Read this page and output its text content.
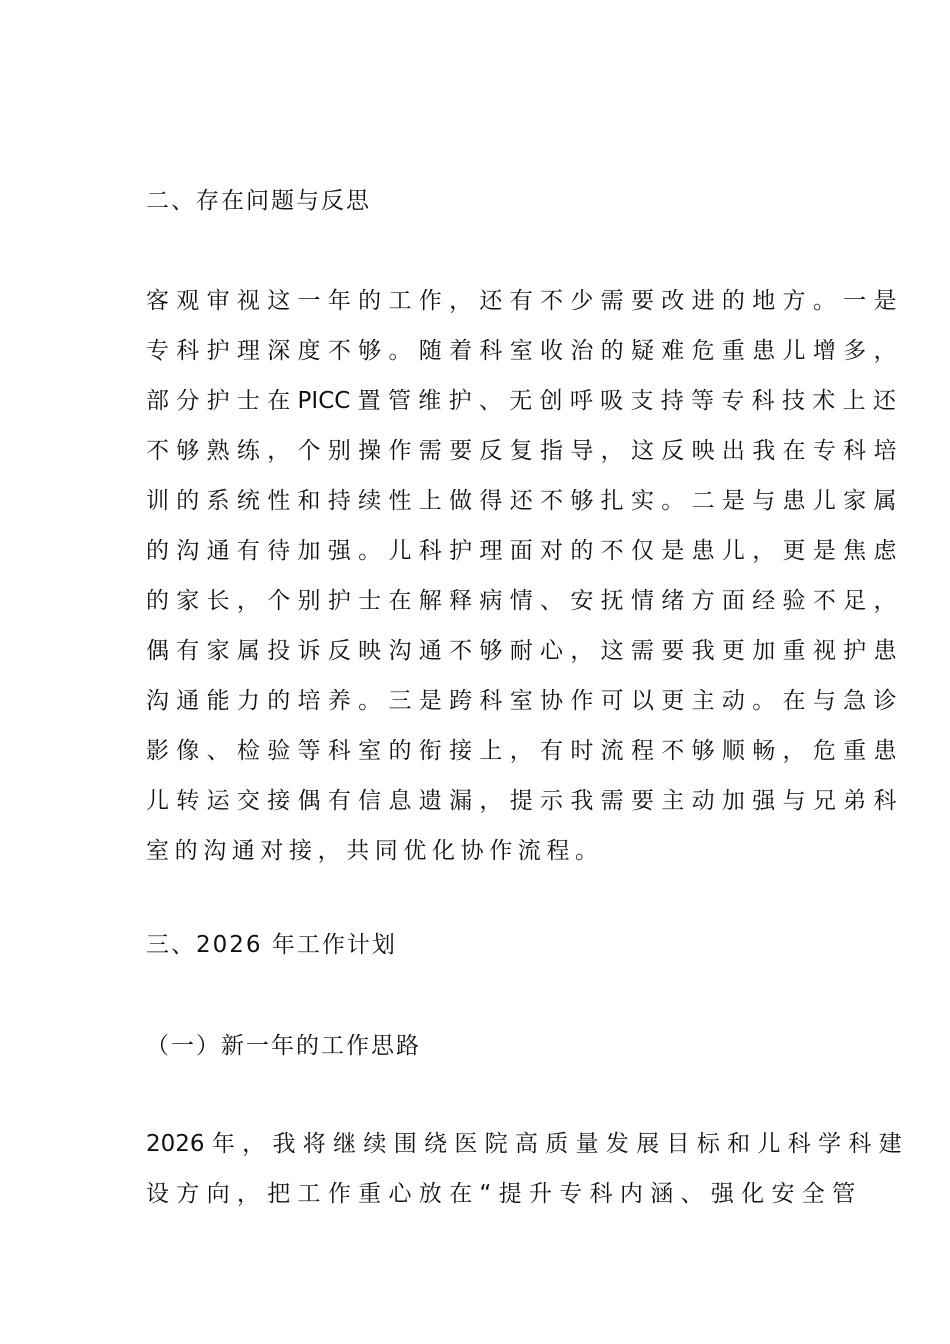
二、存在问题与反思
客 观 审 视 这 一 年 的 工 作 ， 还 有 不 少 需 要 改 进 的 地 方 。 一 是
专 科 护 理 深 度 不 够 。 随 着 科 室 收 治 的 疑 难 危 重 患 儿 增 多 ，
部 分 护 士 在 PICC 置 管 维 护 、 无 创 呼 吸 支 持 等 专 科 技 术 上 还
不 够 熟 练 ， 个 别 操 作 需 要 反 复 指 导 ， 这 反 映 出 我 在 专 科 培
训 的 系 统 性 和 持 续 性 上 做 得 还 不 够 扎 实 。 二 是 与 患 儿 家 属
的 沟 通 有 待 加 强 。 儿 科 护 理 面 对 的 不 仅 是 患 儿 ， 更 是 焦 虑
的 家 长 ， 个 别 护 士 在 解 释 病 情 、 安 抚 情 绪 方 面 经 验 不 足 ，
偶 有 家 属 投 诉 反 映 沟 通 不 够 耐 心 ， 这 需 要 我 更 加 重 视 护 患
沟 通 能 力 的 培 养 。 三 是 跨 科 室 协 作 可 以 更 主 动 。 在 与 急 诊
影 像 、 检 验 等 科 室 的 衔 接 上 ， 有 时 流 程 不 够 顺 畅 ， 危 重 患
儿 转 运 交 接 偶 有 信 息 遗 漏 ， 提 示 我 需 要 主 动 加 强 与 兄 弟 科
室的沟通对接，共同优化协作流程。
三、2026 年工作计划
（一）新一年的工作思路
2026 年 ， 我 将 继 续 围 绕 医 院 高 质 量 发 展 目 标 和 儿 科 学 科 建
设 方 向 ， 把 工 作 重 心 放 在 “ 提 升 专 科 内 涵 、 强 化 安 全 管
